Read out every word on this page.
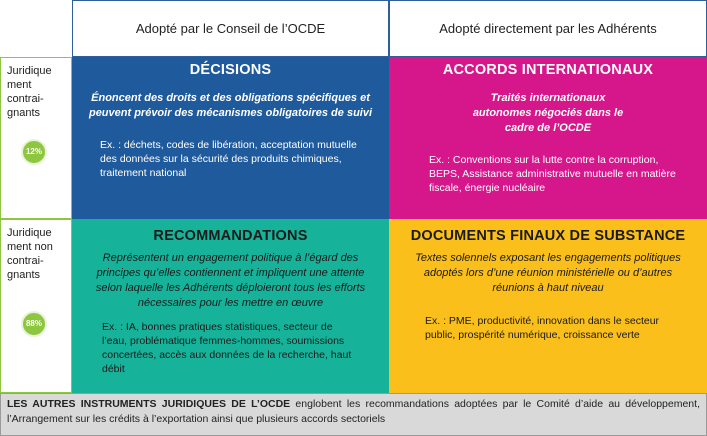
Adopté par le Conseil de l’OCDE	Adopté directement par les Adhérents
Juridique
ment
contrai-
gnants
12%
Juridique
ment non
contrai-
gnants
88%
DÉCISIONS
Énoncent des droits et des obligations spécifiques et peuvent prévoir des mécanismes obligatoires de suivi
Ex. : déchets, codes de libération, acceptation mutuelle des données sur la sécurité des produits chimiques, traitement national
ACCORDS INTERNATIONAUX
Traités internationaux autonomes négociés dans le cadre de l’OCDE
Ex. : Conventions sur la lutte contre la corruption, BEPS, Assistance administrative mutuelle en matière fiscale, énergie nucléaire
RECOMMANDATIONS
Représentent un engagement politique à l’égard des principes qu’elles contiennent et impliquent une attente selon laquelle les Adhérents déploieront tous les efforts nécessaires pour les mettre en œuvre
Ex. : IA, bonnes pratiques statistiques, secteur de l’eau, problématique femmes-hommes, soumissions concertées, accès aux données de la recherche, haut débit
DOCUMENTS FINAUX DE SUBSTANCE
Textes solennels exposant les engagements politiques adoptés lors d’une réunion ministérielle ou d’autres réunions à haut niveau
Ex. : PME, productivité, innovation dans le secteur public, prospérité numérique, croissance verte
LES AUTRES INSTRUMENTS JURIDIQUES DE L’OCDE englobent les recommandations adoptées par le Comité d’aide au développement, l’Arrangement sur les crédits à l’exportation ainsi que plusieurs accords sectoriels
